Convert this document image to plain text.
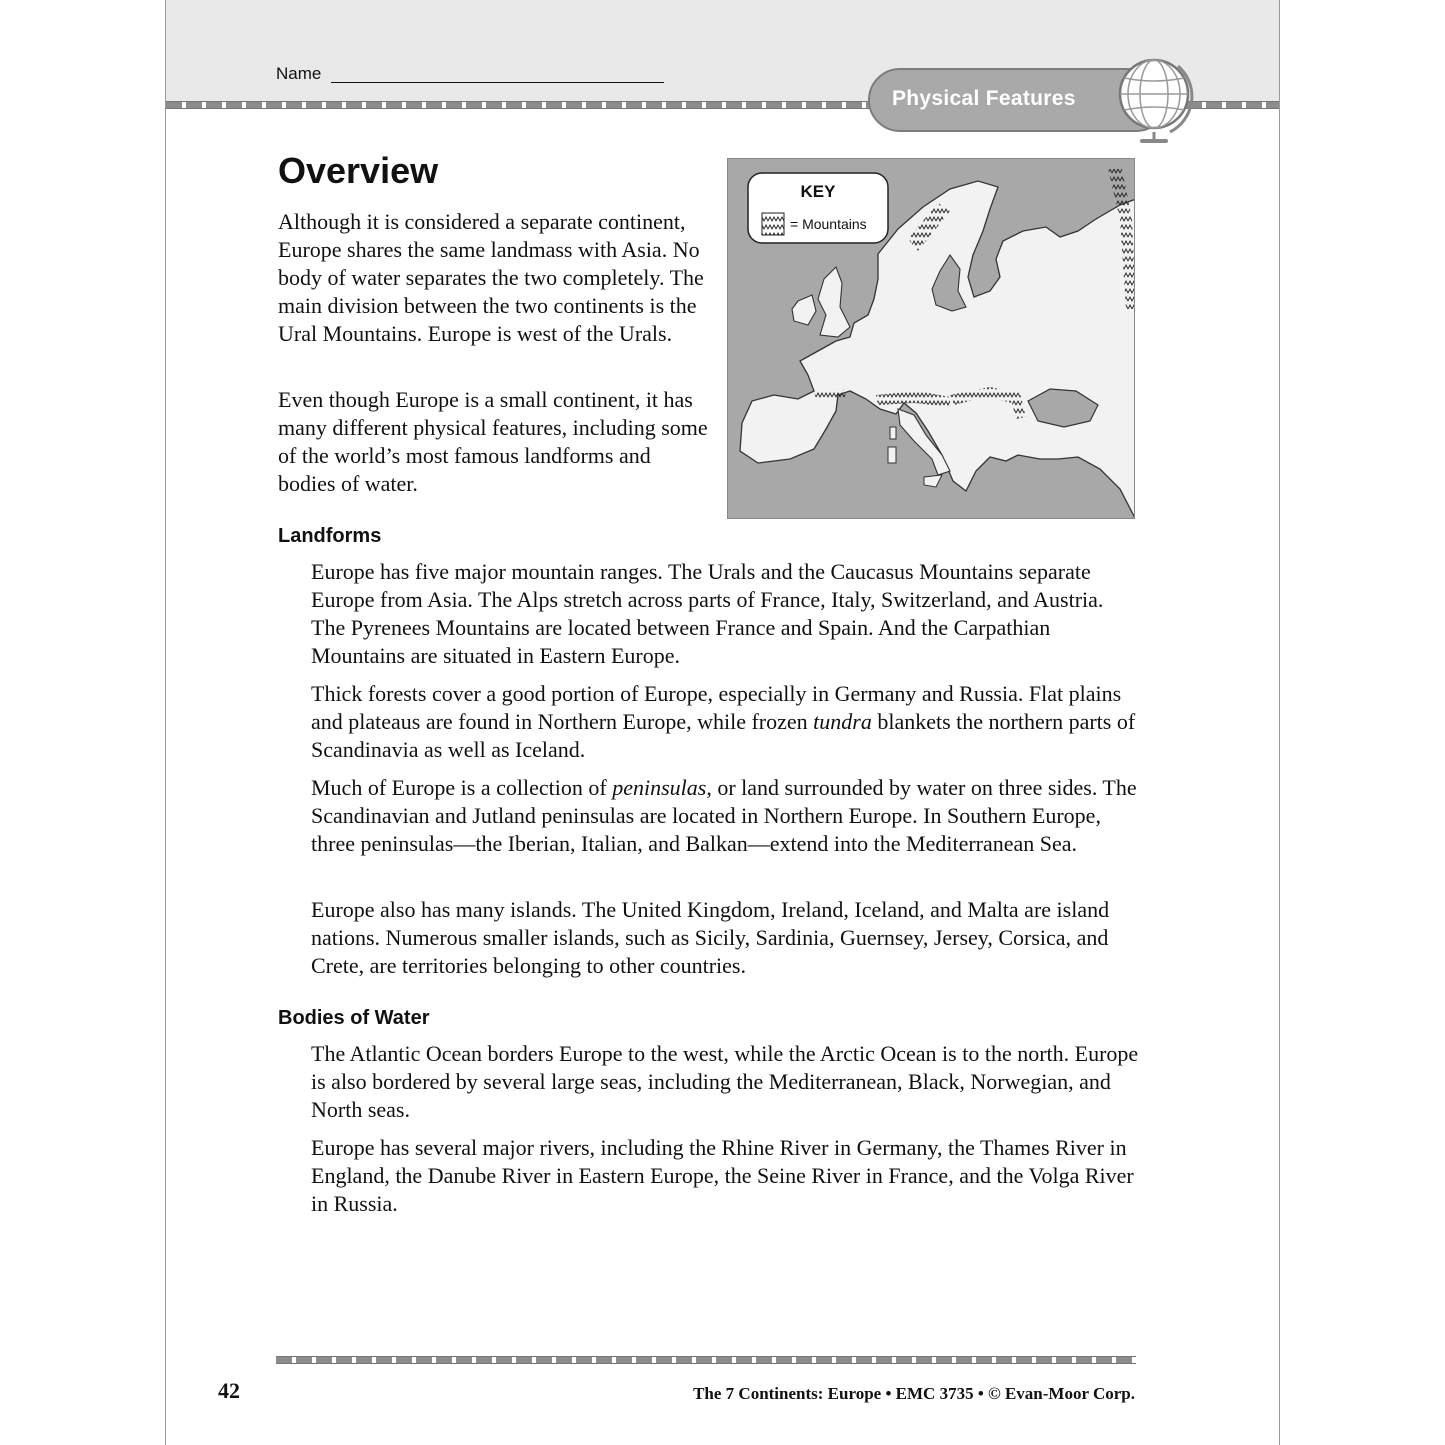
Name
Physical Features
Overview

Although it is considered a separate continent, Europe shares the same landmass with Asia. No body of water separates the two completely. The main division between the two continents is the Ural Mountains. Europe is west of the Urals.

Even though Europe is a small continent, it has many different physical features, including some of the world’s most famous landforms and bodies of water.

KEY
= Mountains
Landforms

Europe has five major mountain ranges. The Urals and the Caucasus Mountains separate Europe from Asia. The Alps stretch across parts of France, Italy, Switzerland, and Austria. The Pyrenees Mountains are located between France and Spain. And the Carpathian Mountains are situated in Eastern Europe.

Thick forests cover a good portion of Europe, especially in Germany and Russia. Flat plains and plateaus are found in Northern Europe, while frozen tundra blankets the northern parts of Scandinavia as well as Iceland.

Much of Europe is a collection of peninsulas, or land surrounded by water on three sides. The Scandinavian and Jutland peninsulas are located in Northern Europe. In Southern Europe, three peninsulas—the Iberian, Italian, and Balkan—extend into the Mediterranean Sea.

Europe also has many islands. The United Kingdom, Ireland, Iceland, and Malta are island nations. Numerous smaller islands, such as Sicily, Sardinia, Guernsey, Jersey, Corsica, and Crete, are territories belonging to other countries.

Bodies of Water

The Atlantic Ocean borders Europe to the west, while the Arctic Ocean is to the north. Europe is also bordered by several large seas, including the Mediterranean, Black, Norwegian, and North seas.

Europe has several major rivers, including the Rhine River in Germany, the Thames River in England, the Danube River in Eastern Europe, the Seine River in France, and the Volga River in Russia.

42	The 7 Continents: Europe • EMC 3735 • © Evan-Moor Corp.
